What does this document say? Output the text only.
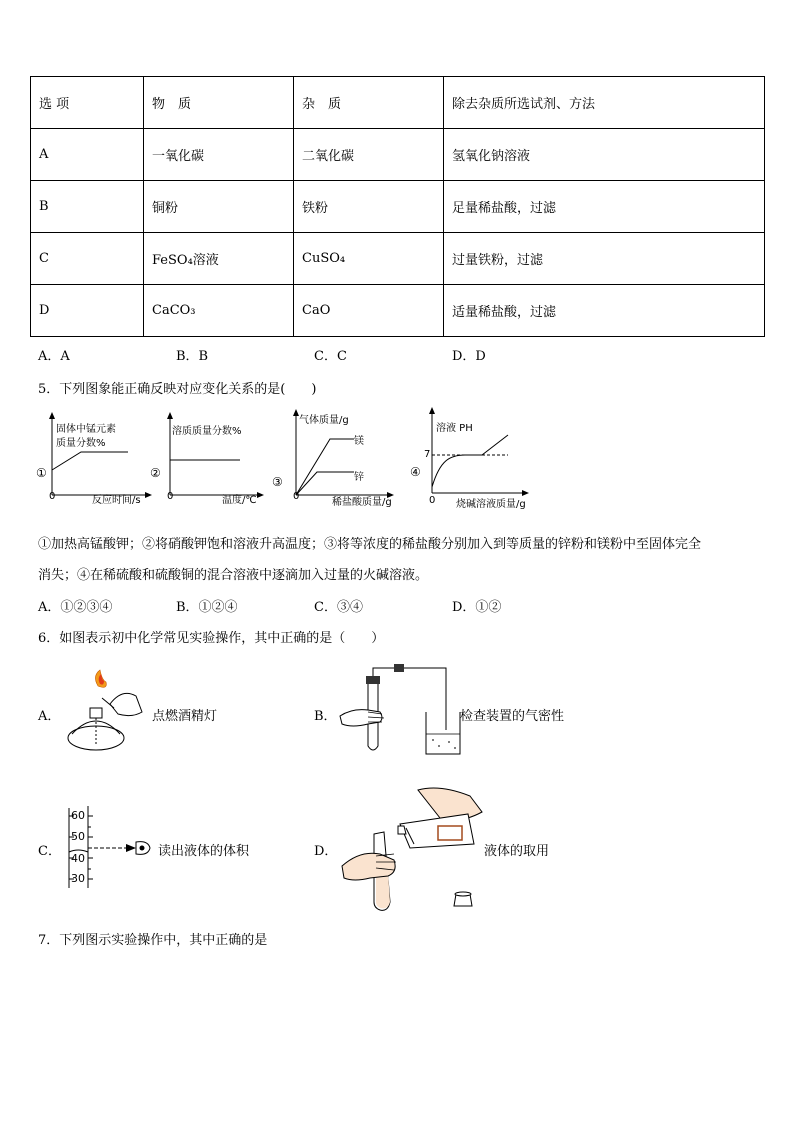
选 项	物　质	杂　质	除去杂质所选试剂、方法
A	一氧化碳	二氧化碳	氢氧化钠溶液
B	铜粉	铁粉	足量稀盐酸，过滤
C	FeSO₄溶液	CuSO₄	过量铁粉，过滤
D	CaCO₃	CaO	适量稀盐酸，过滤
A．A	B．B	C．C	D．D
5．下列图象能正确反映对应变化关系的是(　　)
固体中锰元素
质量分数%
①
0	反应时间/s
溶质质量分数%
②
0	温度/℃
气体质量/g
镁
锌
③
0
稀盐酸质量/g
溶液 PH
7
④
0 烧碱溶液质量/g
①加热高锰酸钾；②将硝酸钾饱和溶液升高温度；③将等浓度的稀盐酸分别加入到等质量的锌粉和镁粉中至固体完全
消失；④在稀硫酸和硫酸铜的混合溶液中逐滴加入过量的火碱溶液。
A．①②③④	B．①②④	C．③④	D．①②
6．如图表示初中化学常见实验操作，其中正确的是（　　）
A．	点燃酒精灯	B．	检查装置的气密性
C．
60
50
40
30
读出液体的体积	D．	液体的取用
7．下列图示实验操作中，其中正确的是
